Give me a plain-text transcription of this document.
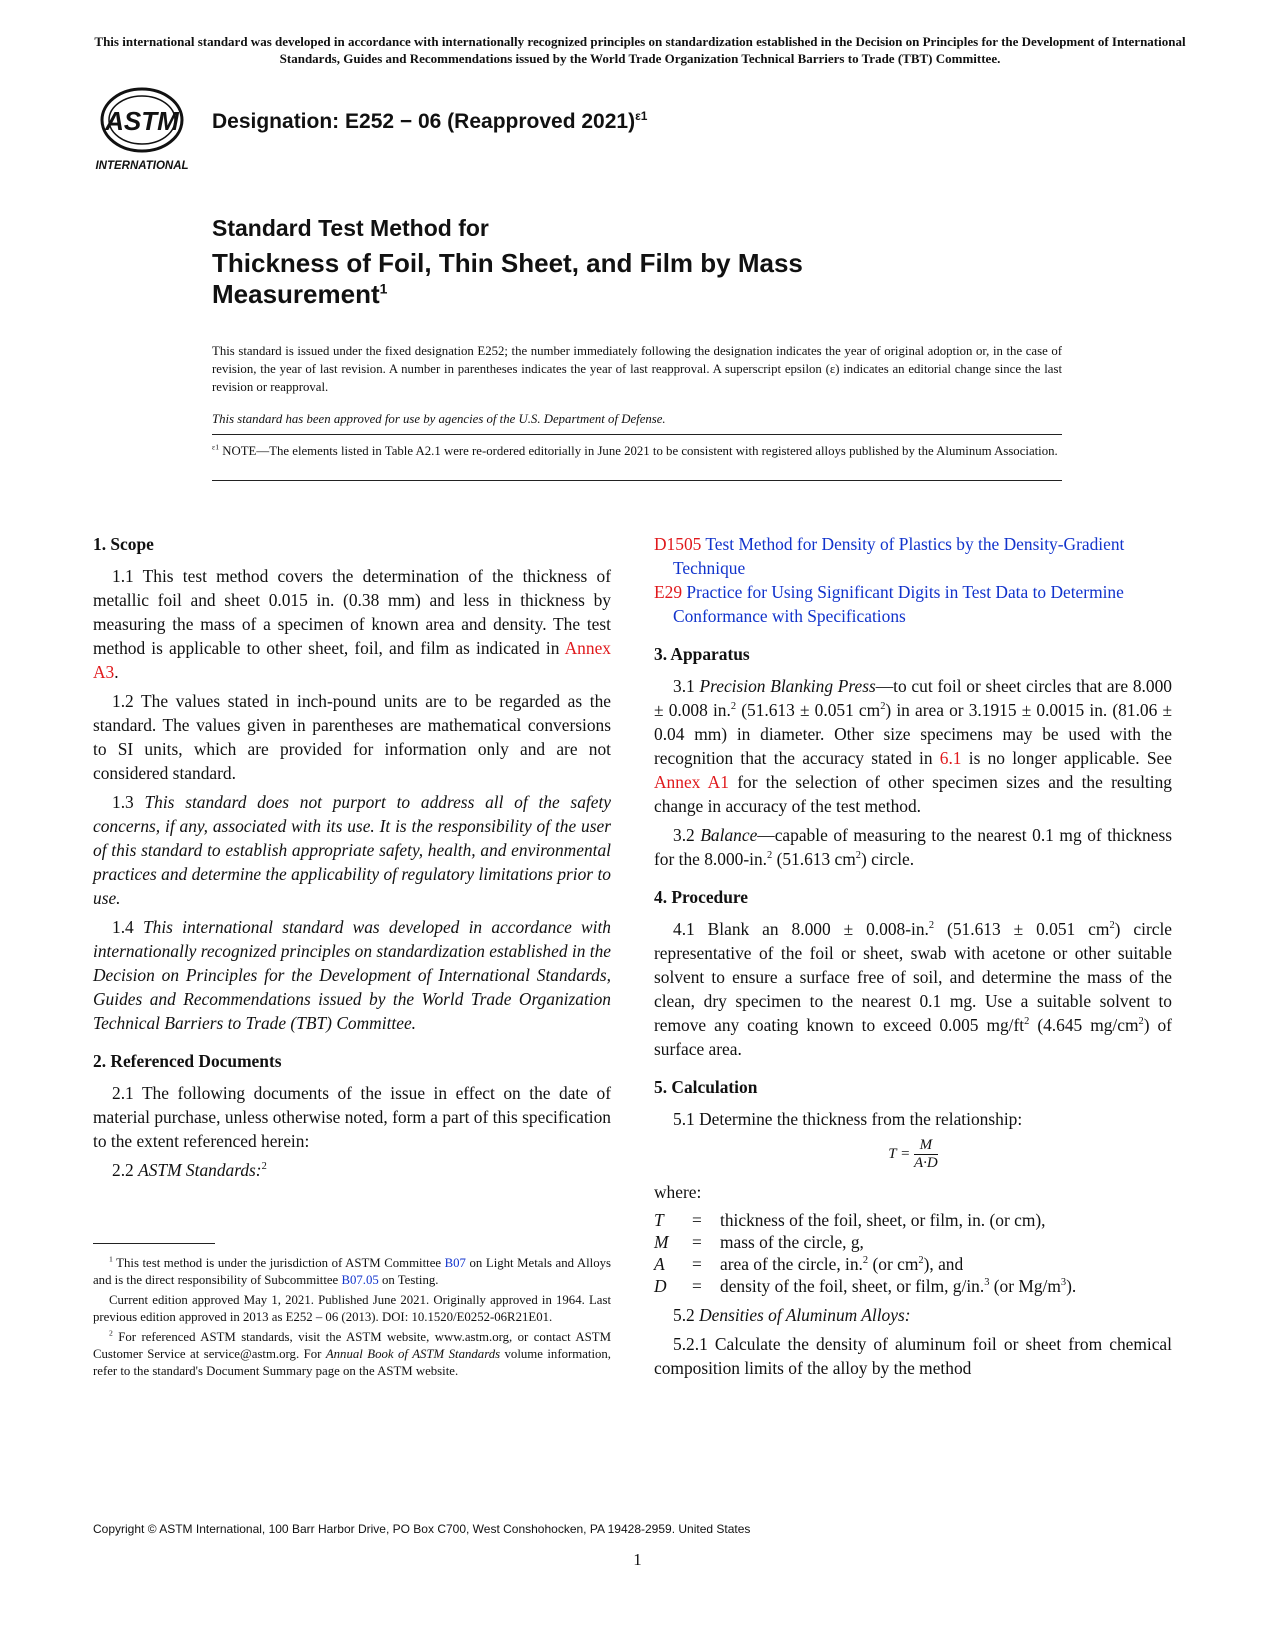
This international standard was developed in accordance with internationally recognized principles on standardization established in the Decision on Principles for the Development of International Standards, Guides and Recommendations issued by the World Trade Organization Technical Barriers to Trade (TBT) Committee.
ASTM
INTERNATIONAL
Designation: E252 − 06 (Reapproved 2021)$^{\varepsilon 1}$
Standard Test Method for
Thickness of Foil, Thin Sheet, and Film by Mass Measurement$^1$
This standard is issued under the fixed designation E252; the number immediately following the designation indicates the year of original adoption or, in the case of revision, the year of last revision. A number in parentheses indicates the year of last reapproval. A superscript epsilon (ε) indicates an editorial change since the last revision or reapproval.
This standard has been approved for use by agencies of the U.S. Department of Defense.
$^{\varepsilon 1}$ NOTE—The elements listed in Table A2.1 were re-ordered editorially in June 2021 to be consistent with registered alloys published by the Aluminum Association.
1. Scope

1.1 This test method covers the determination of the thickness of metallic foil and sheet 0.015 in. (0.38 mm) and less in thickness by measuring the mass of a specimen of known area and density. The test method is applicable to other sheet, foil, and film as indicated in Annex A3.

1.2 The values stated in inch-pound units are to be regarded as the standard. The values given in parentheses are mathematical conversions to SI units, which are provided for information only and are not considered standard.

1.3 This standard does not purport to address all of the safety concerns, if any, associated with its use. It is the responsibility of the user of this standard to establish appropriate safety, health, and environmental practices and determine the applicability of regulatory limitations prior to use.

1.4 This international standard was developed in accordance with internationally recognized principles on standardization established in the Decision on Principles for the Development of International Standards, Guides and Recommendations issued by the World Trade Organization Technical Barriers to Trade (TBT) Committee.

2. Referenced Documents

2.1 The following documents of the issue in effect on the date of material purchase, unless otherwise noted, form a part of this specification to the extent referenced herein:

2.2 ASTM Standards:$^2$

$^1$ This test method is under the jurisdiction of ASTM Committee B07 on Light Metals and Alloys and is the direct responsibility of Subcommittee B07.05 on Testing.

Current edition approved May 1, 2021. Published June 2021. Originally approved in 1964. Last previous edition approved in 2013 as E252 – 06 (2013). DOI: 10.1520/E0252-06R21E01.

$^2$ For referenced ASTM standards, visit the ASTM website, www.astm.org, or contact ASTM Customer Service at service@astm.org. For Annual Book of ASTM Standards volume information, refer to the standard's Document Summary page on the ASTM website.

D1505 Test Method for Density of Plastics by the Density-Gradient Technique

E29 Practice for Using Significant Digits in Test Data to Determine Conformance with Specifications

3. Apparatus

3.1 Precision Blanking Press—to cut foil or sheet circles that are 8.000 ± 0.008 in.$^2$ (51.613 ± 0.051 $cm^2$) in area or 3.1915 ± 0.0015 in. (81.06 ± 0.04 mm) in diameter. Other size specimens may be used with the recognition that the accuracy stated in 6.1 is no longer applicable. See Annex A1 for the selection of other specimen sizes and the resulting change in accuracy of the test method.

3.2 Balance—capable of measuring to the nearest 0.1 mg of thickness for the 8.000-in.$^2$ (51.613 $cm^2$) circle.

4. Procedure

4.1 Blank an 8.000 ± 0.008-in.$^2$ (51.613 ± 0.051 $cm^2$) circle representative of the foil or sheet, swab with acetone or other suitable solvent to ensure a surface free of soil, and determine the mass of the clean, dry specimen to the nearest 0.1 mg. Use a suitable solvent to remove any coating known to exceed 0.005 $mg/ft^2$ (4.645 $mg/cm^2$) of surface area.

5. Calculation

5.1 Determine the thickness from the relationship:

$T = \frac{M}{A\cdot D}$

where:

T	=	thickness of the foil, sheet, or film, in. (or cm),
M	=	mass of the circle, g,
A	=	area of the circle, in.$^2$ (or $cm^2$), and
D	=	density of the foil, sheet, or film, g/in.$^3$ (or $Mg/m^3$).

5.2 Densities of Aluminum Alloys:

5.2.1 Calculate the density of aluminum foil or sheet from chemical composition limits of the alloy by the method

Copyright © ASTM International, 100 Barr Harbor Drive, PO Box C700, West Conshohocken, PA 19428-2959. United States
1
